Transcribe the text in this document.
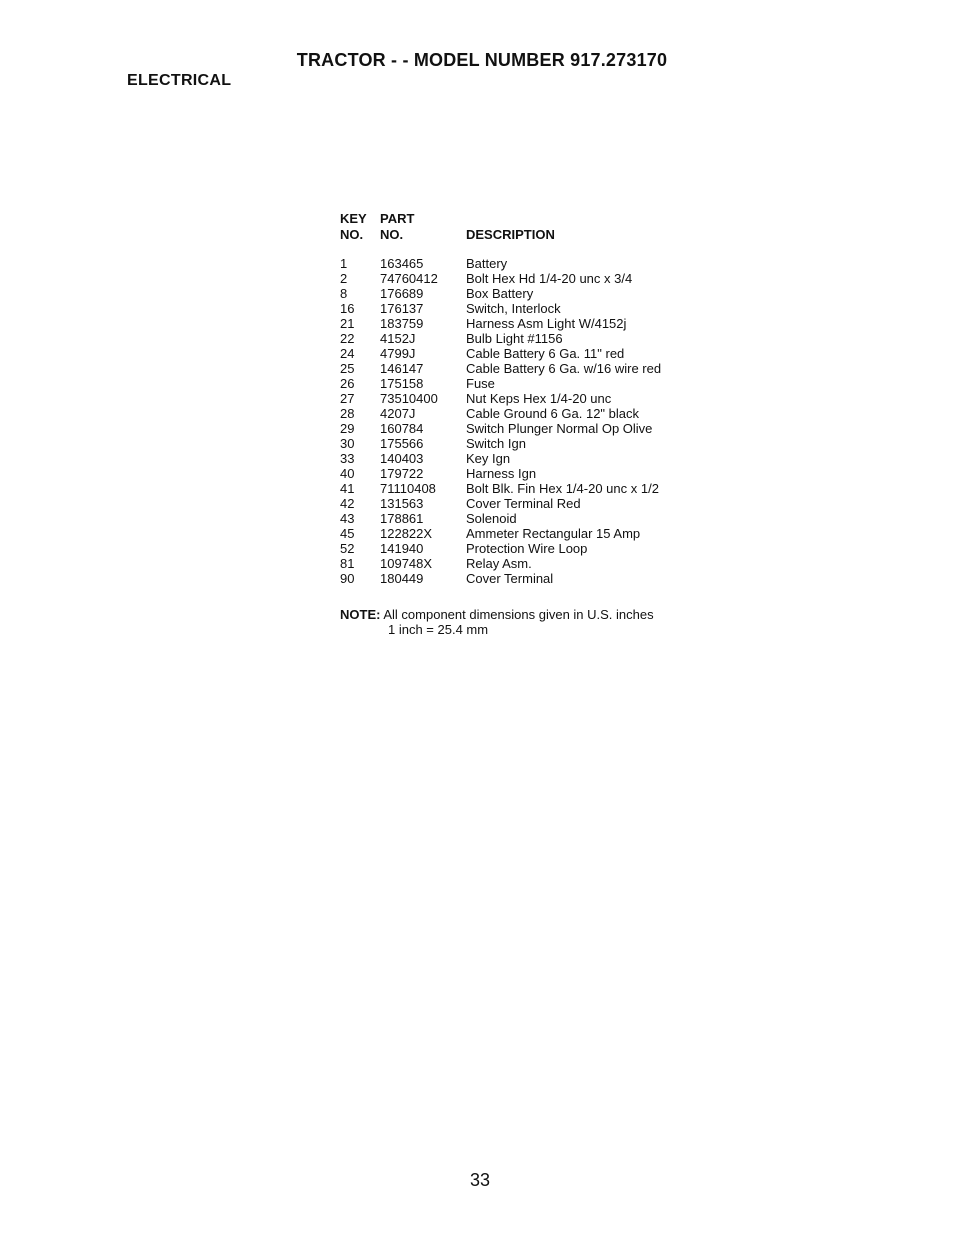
TRACTOR - - MODEL NUMBER 917.273170
ELECTRICAL
KEY PART
NO. NO.	DESCRIPTION
1	163465	Battery
2	74760412 Bolt Hex Hd 1/4-20 unc x 3/4
8	176689	Box Battery
16 176137	Switch, Interlock
21 183759	Harness Asm Light W/4152j
22 4152J	Bulb Light #1156
24 4799J	Cable Battery 6 Ga. 11" red
25 146147	Cable Battery 6 Ga. w/16 wire red
26 175158	Fuse
27 73510400 Nut Keps Hex 1/4-20 unc
28 4207J	Cable Ground 6 Ga. 12" black
29 160784	Switch Plunger Normal Op Olive
30 175566	Switch Ign
33 140403	Key Ign
40 179722	Harness Ign
41 71110408 Bolt Blk. Fin Hex 1/4-20 unc x 1/2
42 131563	Cover Terminal Red
43 178861	Solenoid
45 122822X	Ammeter Rectangular 15 Amp
52 141940	Protection Wire Loop
81 109748X	Relay Asm.
90 180449	Cover Terminal
NOTE: All component dimensions given in U.S. inches
1 inch = 25.4 mm
33
